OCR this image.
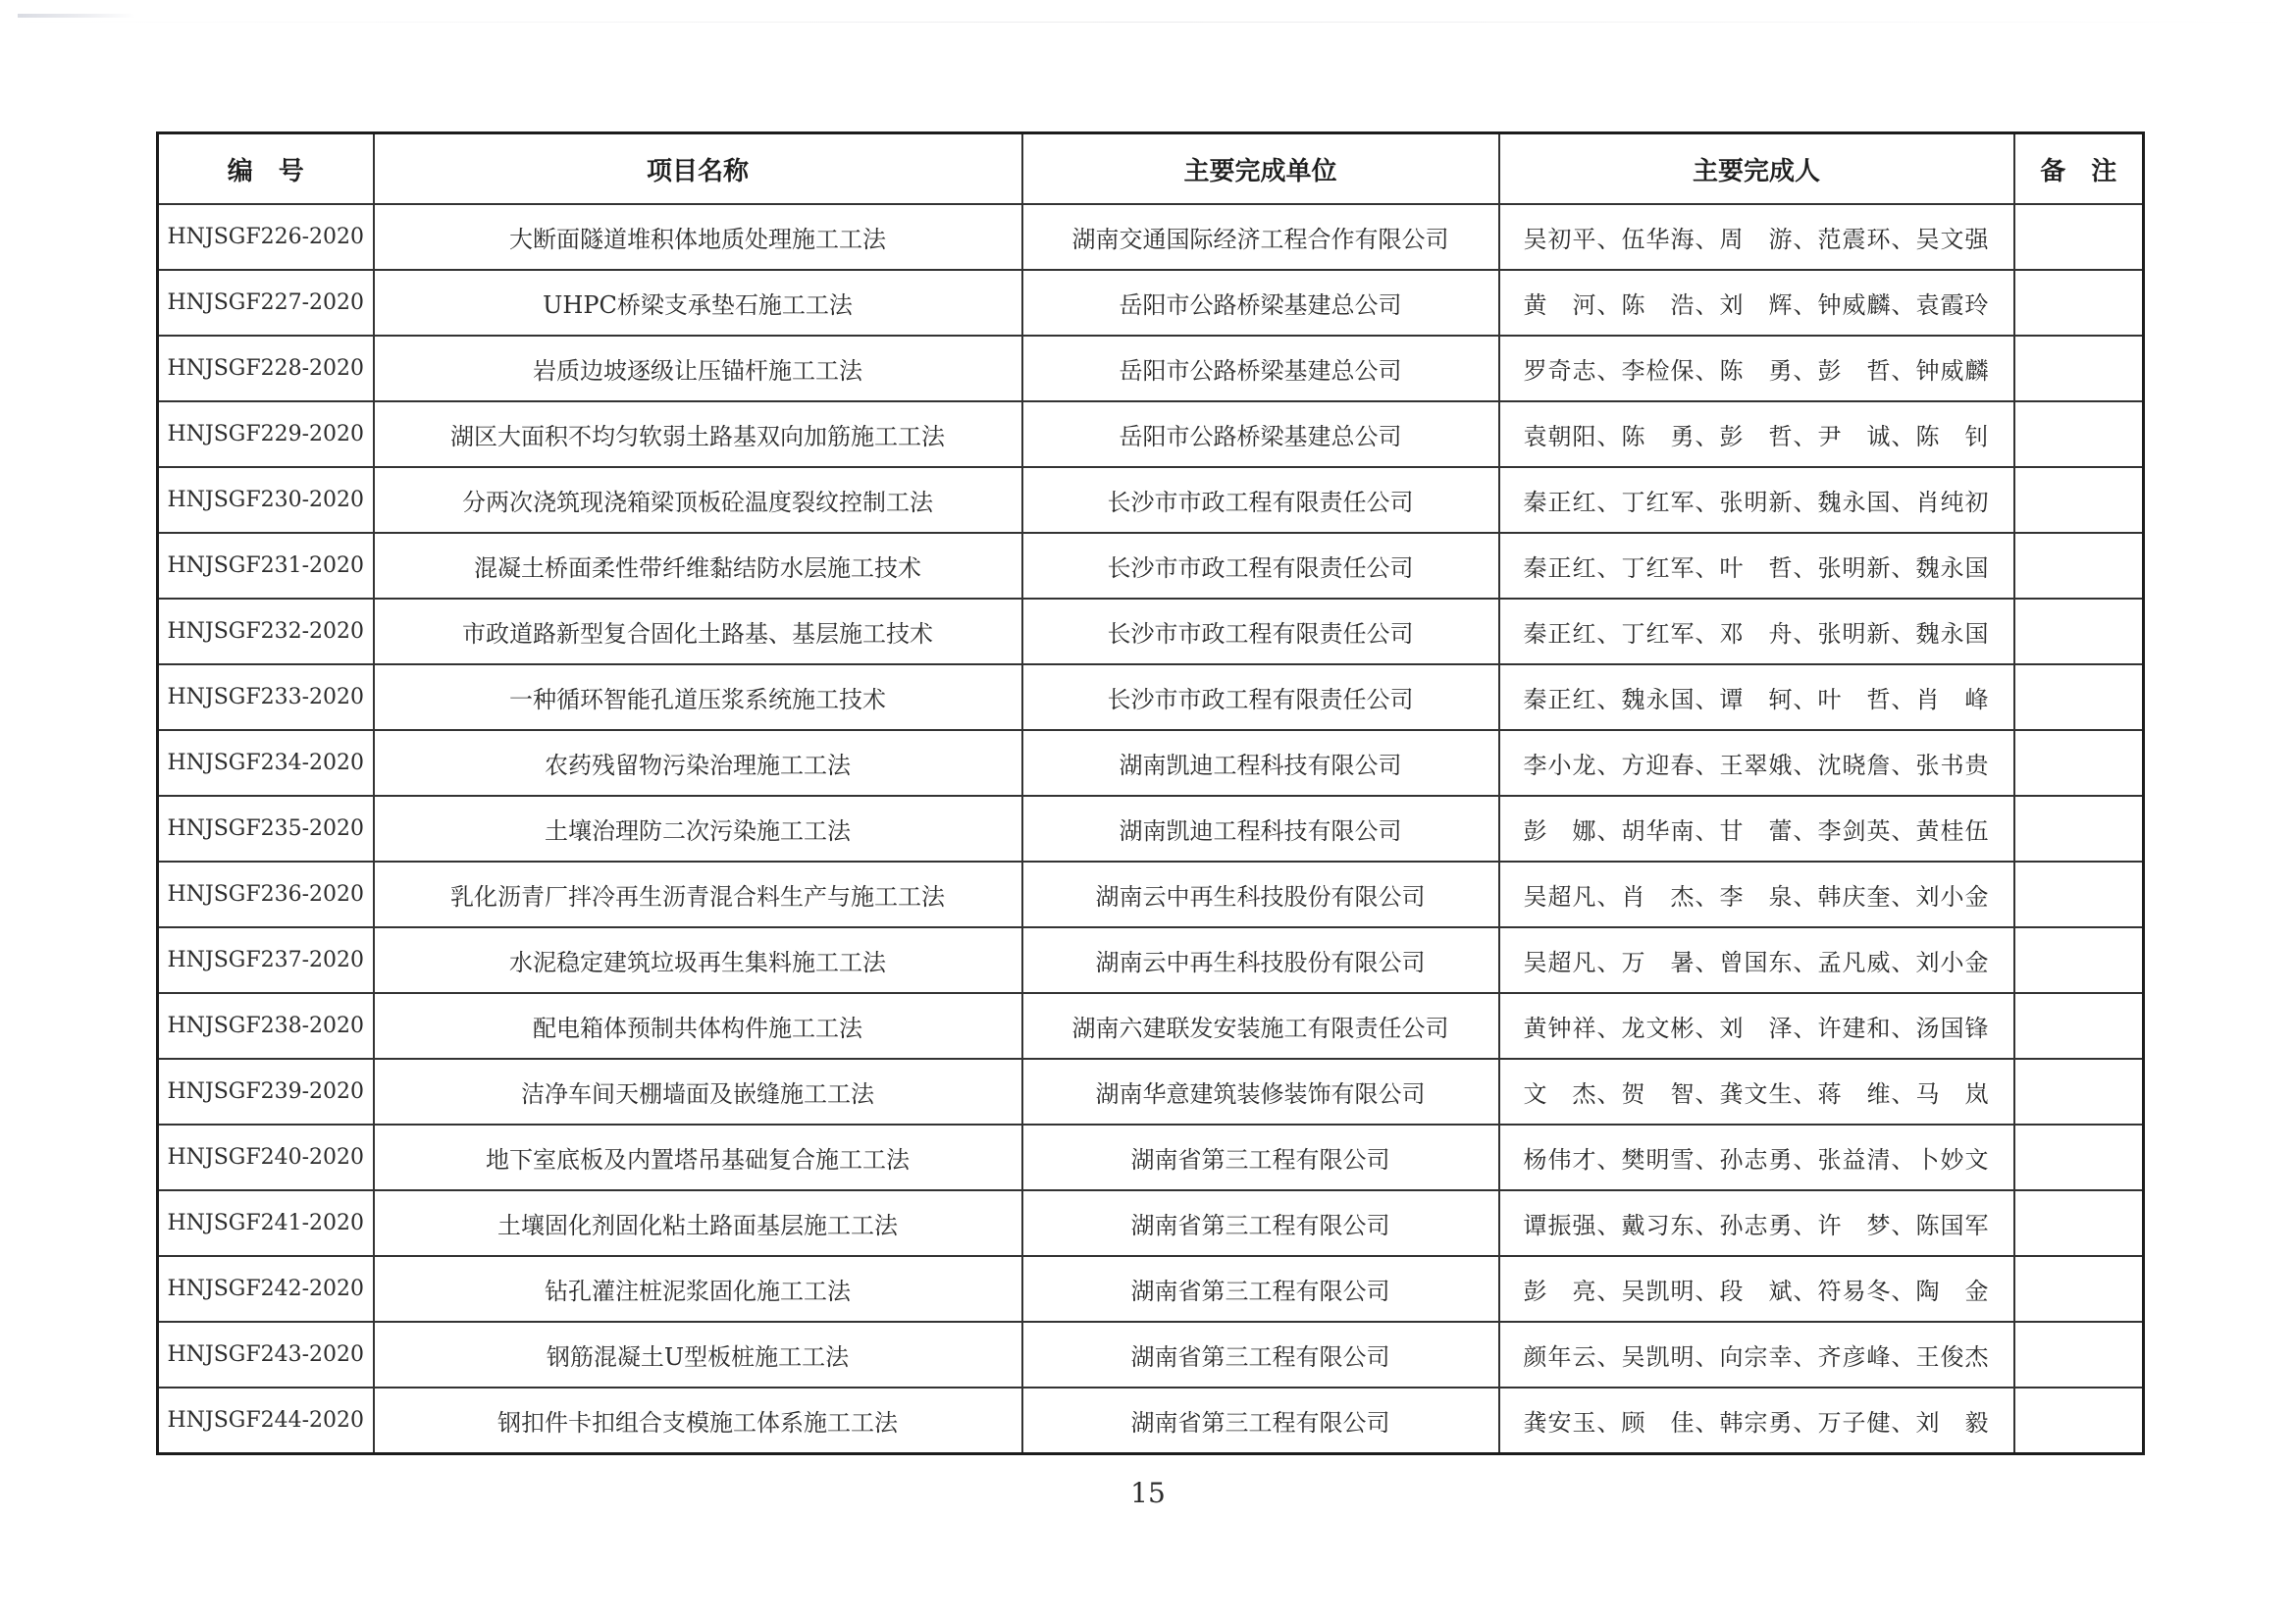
编　号	项目名称	主要完成单位	主要完成人	备　注
HNJSGF226-2020	大断面隧道堆积体地质处理施工工法	湖南交通国际经济工程合作有限公司	吴初平、伍华海、周　游、范震环、吴文强	
HNJSGF227-2020	UHPC桥梁支承垫石施工工法	岳阳市公路桥梁基建总公司	黄　河、陈　浩、刘　辉、钟威麟、袁霞玲	
HNJSGF228-2020	岩质边坡逐级让压锚杆施工工法	岳阳市公路桥梁基建总公司	罗奇志、李检保、陈　勇、彭　哲、钟威麟	
HNJSGF229-2020	湖区大面积不均匀软弱土路基双向加筋施工工法	岳阳市公路桥梁基建总公司	袁朝阳、陈　勇、彭　哲、尹　诚、陈　钊	
HNJSGF230-2020	分两次浇筑现浇箱梁顶板砼温度裂纹控制工法	长沙市市政工程有限责任公司	秦正红、丁红军、张明新、魏永国、肖纯初	
HNJSGF231-2020	混凝土桥面柔性带纤维黏结防水层施工技术	长沙市市政工程有限责任公司	秦正红、丁红军、叶　哲、张明新、魏永国	
HNJSGF232-2020	市政道路新型复合固化土路基、基层施工技术	长沙市市政工程有限责任公司	秦正红、丁红军、邓　舟、张明新、魏永国	
HNJSGF233-2020	一种循环智能孔道压浆系统施工技术	长沙市市政工程有限责任公司	秦正红、魏永国、谭　轲、叶　哲、肖　峰	
HNJSGF234-2020	农药残留物污染治理施工工法	湖南凯迪工程科技有限公司	李小龙、方迎春、王翠娥、沈晓詹、张书贵	
HNJSGF235-2020	土壤治理防二次污染施工工法	湖南凯迪工程科技有限公司	彭　娜、胡华南、甘　蕾、李剑英、黄桂伍	
HNJSGF236-2020	乳化沥青厂拌冷再生沥青混合料生产与施工工法	湖南云中再生科技股份有限公司	吴超凡、肖　杰、李　泉、韩庆奎、刘小金	
HNJSGF237-2020	水泥稳定建筑垃圾再生集料施工工法	湖南云中再生科技股份有限公司	吴超凡、万　暑、曾国东、孟凡威、刘小金	
HNJSGF238-2020	配电箱体预制共体构件施工工法	湖南六建联发安装施工有限责任公司	黄钟祥、龙文彬、刘　泽、许建和、汤国锋	
HNJSGF239-2020	洁净车间天棚墙面及嵌缝施工工法	湖南华意建筑装修装饰有限公司	文　杰、贺　智、龚文生、蒋　维、马　岚	
HNJSGF240-2020	地下室底板及内置塔吊基础复合施工工法	湖南省第三工程有限公司	杨伟才、樊明雪、孙志勇、张益清、卜妙文	
HNJSGF241-2020	土壤固化剂固化粘土路面基层施工工法	湖南省第三工程有限公司	谭振强、戴习东、孙志勇、许　梦、陈国军	
HNJSGF242-2020	钻孔灌注桩泥浆固化施工工法	湖南省第三工程有限公司	彭　亮、吴凯明、段　斌、符易冬、陶　金	
HNJSGF243-2020	钢筋混凝土U型板桩施工工法	湖南省第三工程有限公司	颜年云、吴凯明、向宗幸、齐彦峰、王俊杰	
HNJSGF244-2020	钢扣件卡扣组合支模施工体系施工工法	湖南省第三工程有限公司	龚安玉、顾　佳、韩宗勇、万子健、刘　毅	
15
